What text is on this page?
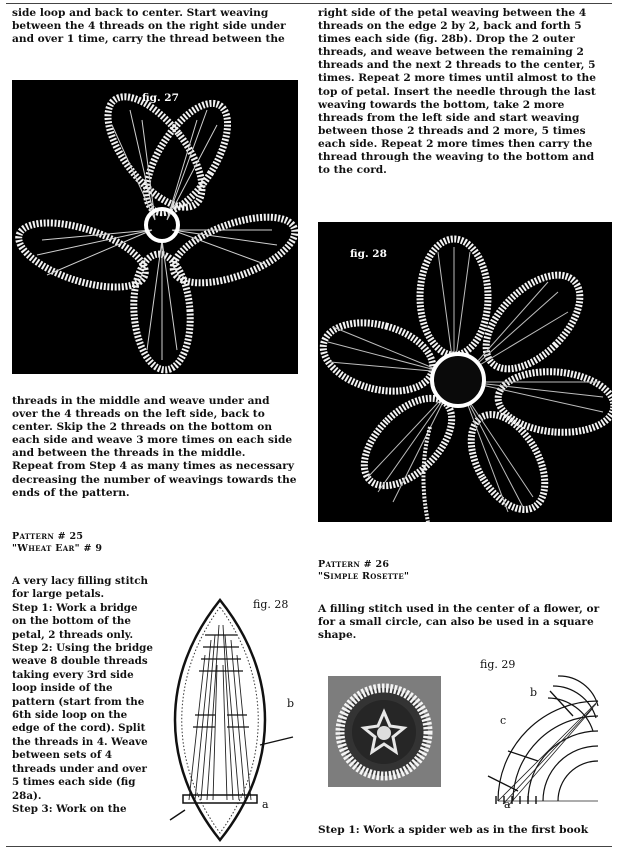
side loop and back to center. Start weaving
between the 4 threads on the right side under
and over 1 time, carry the thread between the
right side of the petal weaving between the 4
threads on the edge 2 by 2, back and forth 5
times each side (fig. 28b). Drop the 2 outer
threads, and weave between the remaining 2
threads and the next 2 threads to the center, 5
times. Repeat 2 more times until almost to the
top of petal. Insert the needle through the last
weaving towards the bottom, take 2 more
threads from the left side and start weaving
between those 2 threads and 2 more, 5 times
each side. Repeat 2 more times then carry the
thread through the weaving to the bottom and
to the cord.
fig. 27
fig. 28
threads in the middle and weave under and
over the 4 threads on the left side, back to
center. Skip the 2 threads on the bottom on
each side and weave 3 more times on each side
and between the threads in the middle.
Repeat from Step 4 as many times as necessary
decreasing the number of weavings towards the
ends of the pattern.
Pattern # 25
"Wheat Ear" # 9
A very lacy filling stitch
for large petals.
Step 1: Work a bridge
on the bottom of the
petal, 2 threads only.
Step 2: Using the bridge
weave 8 double threads
taking every 3rd side
loop inside of the
pattern (start from the
6th side loop on the
edge of the cord). Split
the threads in 4. Weave
between sets of 4
threads under and over
5 times each side (fig
28a).
Step 3: Work on the
fig. 28
b
a
Pattern # 26
"Simple Rosette"
A filling stitch used in the center of a flower, or
for a small circle, can also be used in a square
shape.
fig. 29
b
c
a
Step 1: Work a spider web as in the first book
